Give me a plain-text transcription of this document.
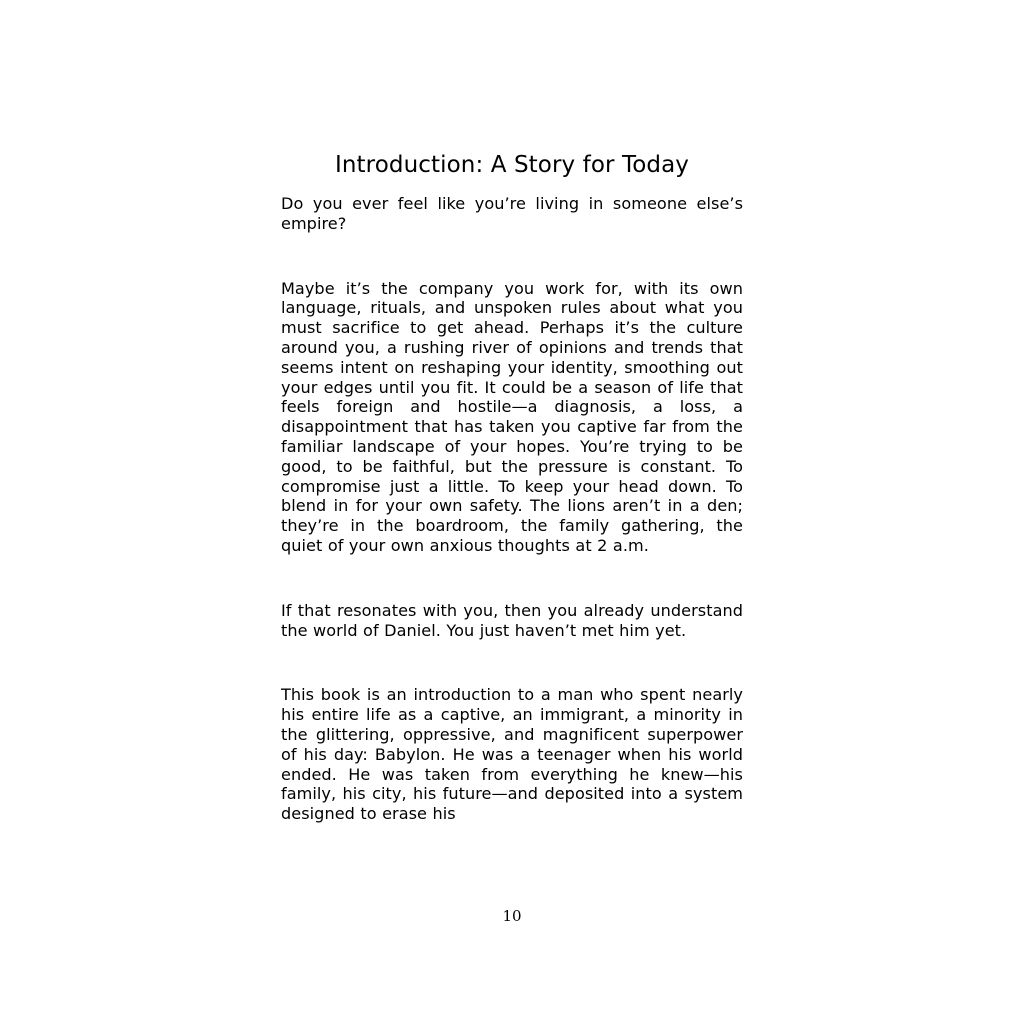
Introduction: A Story for Today

Do you ever feel like you’re living in someone else’s empire?

Maybe it’s the company you work for, with its own language, rituals, and unspoken rules about what you must sacrifice to get ahead. Perhaps it’s the culture around you, a rushing river of opinions and trends that seems intent on reshaping your identity, smoothing out your edges until you fit. It could be a season of life that feels foreign and hostile—a diagnosis, a loss, a disappointment that has taken you captive far from the familiar landscape of your hopes. You’re trying to be good, to be faithful, but the pressure is constant. To compromise just a little. To keep your head down. To blend in for your own safety. The lions aren’t in a den; they’re in the boardroom, the family gathering, the quiet of your own anxious thoughts at 2 a.m.

If that resonates with you, then you already understand the world of Daniel. You just haven’t met him yet.

This book is an introduction to a man who spent nearly his entire life as a captive, an immigrant, a minority in the glittering, oppressive, and magnificent superpower of his day: Babylon. He was a teenager when his world ended. He was taken from everything he knew—his family, his city, his future—and deposited into a system designed to erase his

10
